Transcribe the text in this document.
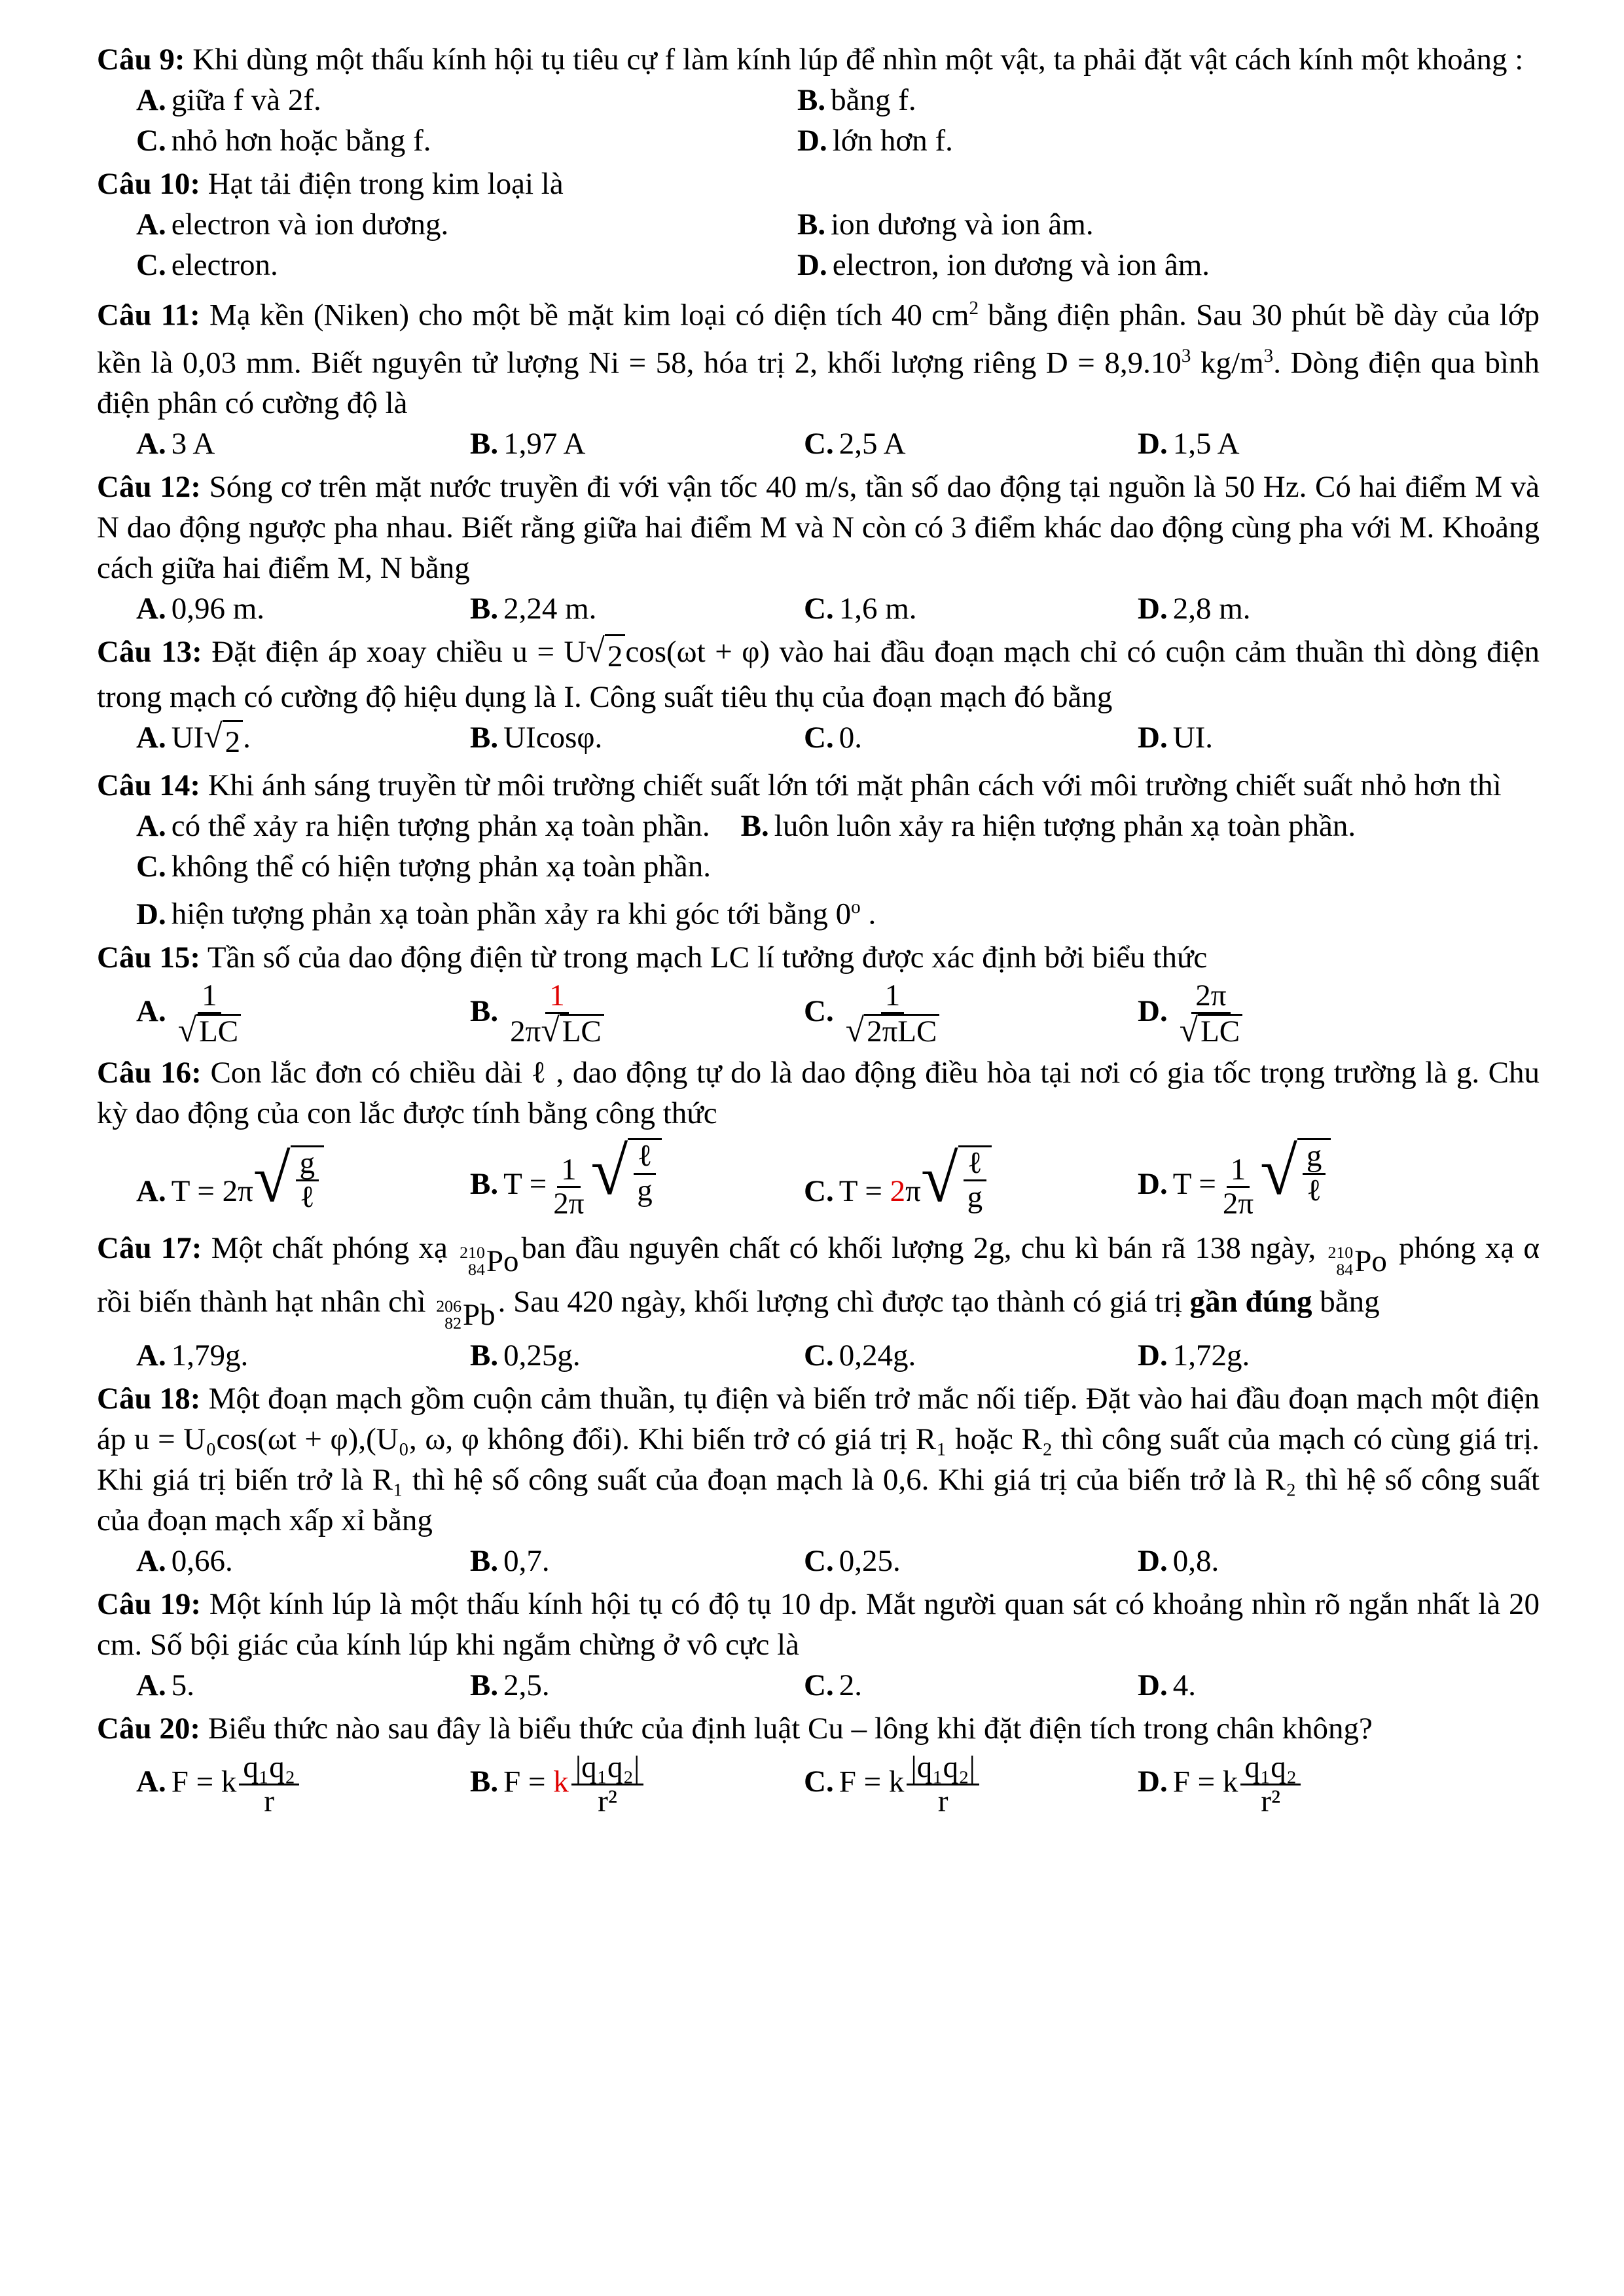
Câu 9: Khi dùng một thấu kính hội tụ tiêu cự f làm kính lúp để nhìn một vật, ta phải đặt vật cách kính một khoảng :

A. giữa f và 2f.	B. bằng f.
C. nhỏ hơn hoặc bằng f.	D. lớn hơn f.

Câu 10: Hạt tải điện trong kim loại là

A. electron và ion dương.	B. ion dương và ion âm.
C. electron.	D. electron, ion dương và ion âm.

Câu 11: Mạ kền (Niken) cho một bề mặt kim loại có diện tích 40 $cm^2$ bằng điện phân. Sau 30 phút bề dày của lớp kền là 0,03 mm. Biết nguyên tử lượng Ni = 58, hóa trị 2, khối lượng riêng $D = 8,9.10^3$ $kg/m^3$. Dòng điện qua bình điện phân có cường độ là

A. 3 A	B. 1,97 A	C. 2,5 A	D. 1,5 A

Câu 12: Sóng cơ trên mặt nước truyền đi với vận tốc 40 m/s, tần số dao động tại nguồn là 50 Hz. Có hai điểm M và N dao động ngược pha nhau. Biết rằng giữa hai điểm M và N còn có 3 điểm khác dao động cùng pha với M. Khoảng cách giữa hai điểm M, N bằng

A. 0,96 m.	B. 2,24 m.	C. 1,6 m.	D. 2,8 m.

Câu 13: Đặt điện áp xoay chiều u = U √ 2 cos(ωt + φ) vào hai đầu đoạn mạch chỉ có cuộn cảm thuần thì dòng điện trong mạch có cường độ hiệu dụng là I. Công suất tiêu thụ của đoạn mạch đó bằng

A. UI √ 2 .	B. UIcosφ.	C. 0.	D. UI.

Câu 14: Khi ánh sáng truyền từ môi trường chiết suất lớn tới mặt phân cách với môi trường chiết suất nhỏ hơn thì

A. có thể xảy ra hiện tượng phản xạ toàn phần. B. luôn luôn xảy ra hiện tượng phản xạ toàn phần.

C. không thể có hiện tượng phản xạ toàn phần.
D. hiện tượng phản xạ toàn phần xảy ra khi góc tới bằng 0$^o$ .

Câu 15: Tần số của dao động điện từ trong mạch LC lí tưởng được xác định bởi biểu thức

A. $\frac{1}{√ LC}$	B. $\frac{1}{2\pi √ LC}$	C. $\frac{1}{\text{√ 2πLC}}$	D. $\frac{2\pi}{√ LC}$

Câu 16: Con lắc đơn có chiều dài ℓ , dao động tự do là dao động điều hòa tại nơi có gia tốc trọng trường là g. Chu kỳ dao động của con lắc được tính bằng công thức

A. T = 2π √ $\frac{g}{\text{ℓ}}$	B. $T = \frac{1}{2\pi}$ √ $\frac{\text{ℓ}}{g}$	C. T = 2π √ $\frac{\text{ℓ}}{g}$	D. $T = \frac{1}{2\pi}$ √ $\frac{g}{\text{ℓ}}$

Câu 17: Một chất phóng xạ 210
84 Po ban đầu nguyên chất có khối lượng 2g, chu kì bán rã 138 ngày, 210
84 Po phóng xạ α rồi biến thành hạt nhân chì 206
82 Pb . Sau 420 ngày, khối lượng chì được tạo thành có giá trị gần đúng bằng

A. 1,79g.	B. 0,25g.	C. 0,24g.	D. 1,72g.

Câu 18: Một đoạn mạch gồm cuộn cảm thuần, tụ điện và biến trở mắc nối tiếp. Đặt vào hai đầu đoạn mạch một điện áp u = U₀cos(ωt + φ),(U₀, ω, φ không đổi). Khi biến trở có giá trị R₁ hoặc R₂ thì công suất của mạch có cùng giá trị. Khi giá trị biến trở là R₁ thì hệ số công suất của đoạn mạch là 0,6. Khi giá trị của biến trở là R₂ thì hệ số công suất của đoạn mạch xấp xỉ bằng

A. 0,66.	B. 0,7.	C. 0,25.	D. 0,8.

Câu 19: Một kính lúp là một thấu kính hội tụ có độ tụ 10 dp. Mắt người quan sát có khoảng nhìn rõ ngắn nhất là 20 cm. Số bội giác của kính lúp khi ngắm chừng ở vô cực là

A. 5.	B. 2,5.	C. 2.	D. 4.

Câu 20: Biểu thức nào sau đây là biểu thức của định luật Cu – lông khi đặt điện tích trong chân không?

A. F = k $\frac{\text{q₁q₂}}{r}$	B. F = k $\frac{\text{|q₁q₂|}}{\text{r²}}$	C. F = k $\frac{\text{|q₁q₂|}}{r}$	D. F = k $\frac{\text{q₁q₂}}{\text{r²}}$
